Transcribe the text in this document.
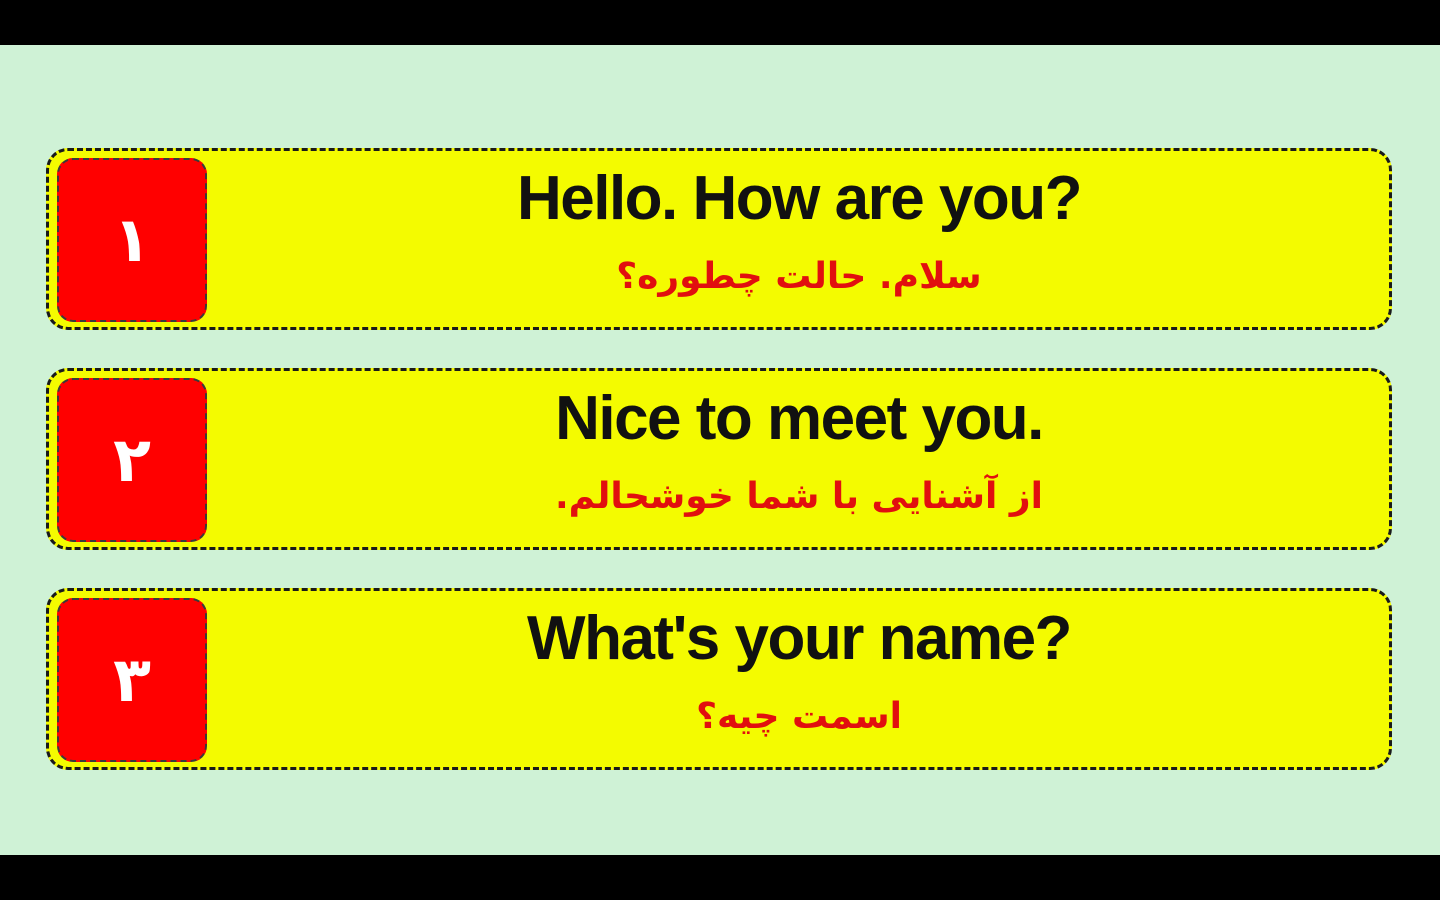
١
Hello. How are you?
سلام. حالت چطوره؟
٢
Nice to meet you.
از آشنایی با شما خوشحالم.
٣
What's your name?
اسمت چیه؟
